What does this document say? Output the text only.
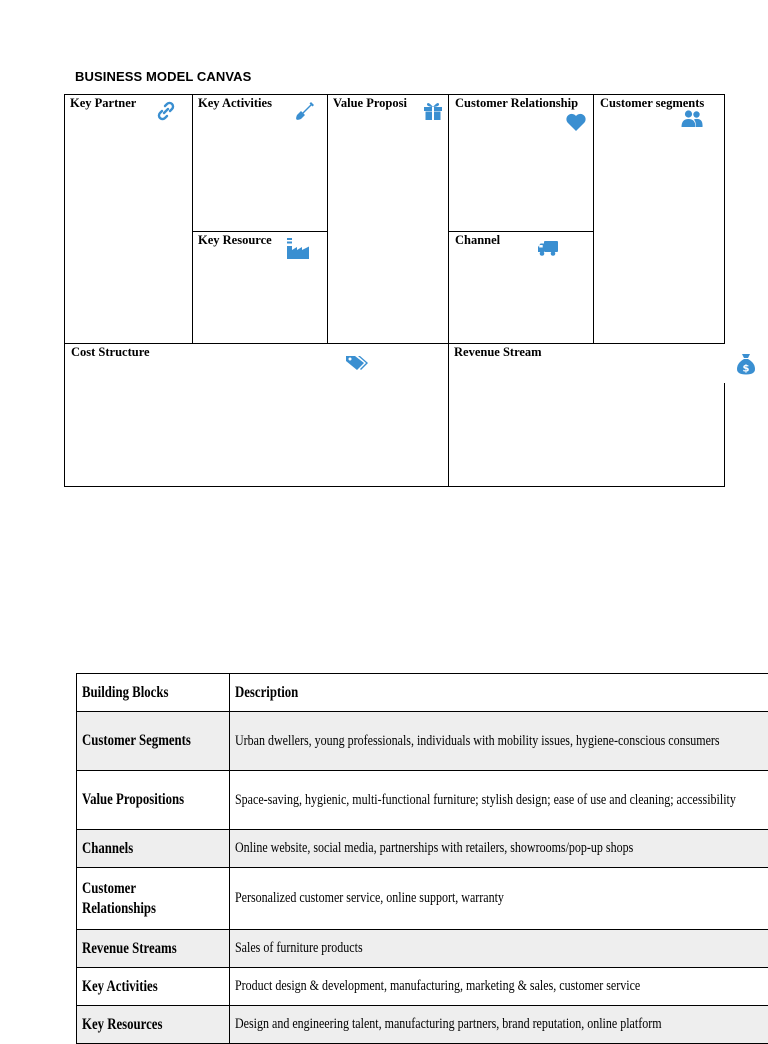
BUSINESS MODEL CANVAS
Key Partner	Key Activities	Value Proposi	Customer Relationship Customer segments
Key Resource	Channel
Cost Structure	Revenue Stream
$
Building Blocks	Description
Customer Segments	Urban dwellers, young professionals, individuals with mobility issues, hygiene-conscious consumers

Value Propositions	Space-saving, hygienic, multi-functional furniture; stylish design; ease of use and cleaning; accessibility

Channels	Online website, social media, partnerships with retailers, showrooms/pop-up shops

Customer Relationships	Personalized customer service, online support, warranty
Revenue Streams	Sales of furniture products
Key Activities	Product design & development, manufacturing, marketing & sales, customer service
Key Resources	Design and engineering talent, manufacturing partners, brand reputation, online platform
